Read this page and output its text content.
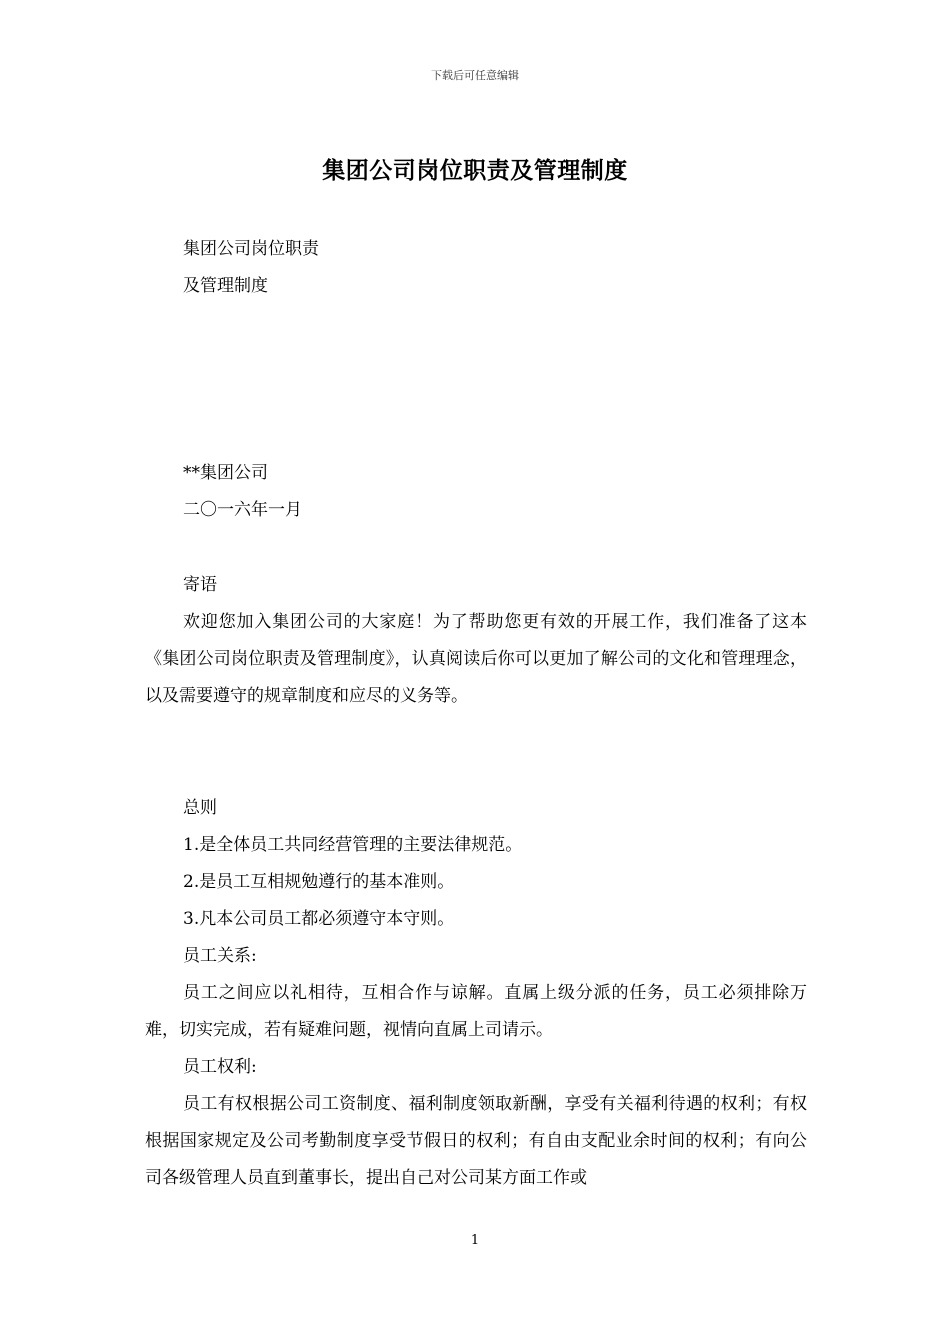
下载后可任意编辑
集团公司岗位职责及管理制度
集团公司岗位职责
及管理制度
**集团公司
二〇一六年一月
寄语
欢迎您加入集团公司的大家庭！为了帮助您更有效的开展工作，我们准备了这本《集团公司岗位职责及管理制度》，认真阅读后你可以更加了解公司的文化和管理理念，以及需要遵守的规章制度和应尽的义务等。
总则
1.是全体员工共同经营管理的主要法律规范。
2.是员工互相规勉遵行的基本准则。
3.凡本公司员工都必须遵守本守则。
员工关系:
员工之间应以礼相待，互相合作与谅解。直属上级分派的任务，员工必须排除万难，切实完成，若有疑难问题，视情向直属上司请示。
员工权利:
员工有权根据公司工资制度、福利制度领取新酬，享受有关福利待遇的权利；有权根据国家规定及公司考勤制度享受节假日的权利；有自由支配业余时间的权利；有向公司各级管理人员直到董事长，提出自己对公司某方面工作或
1
